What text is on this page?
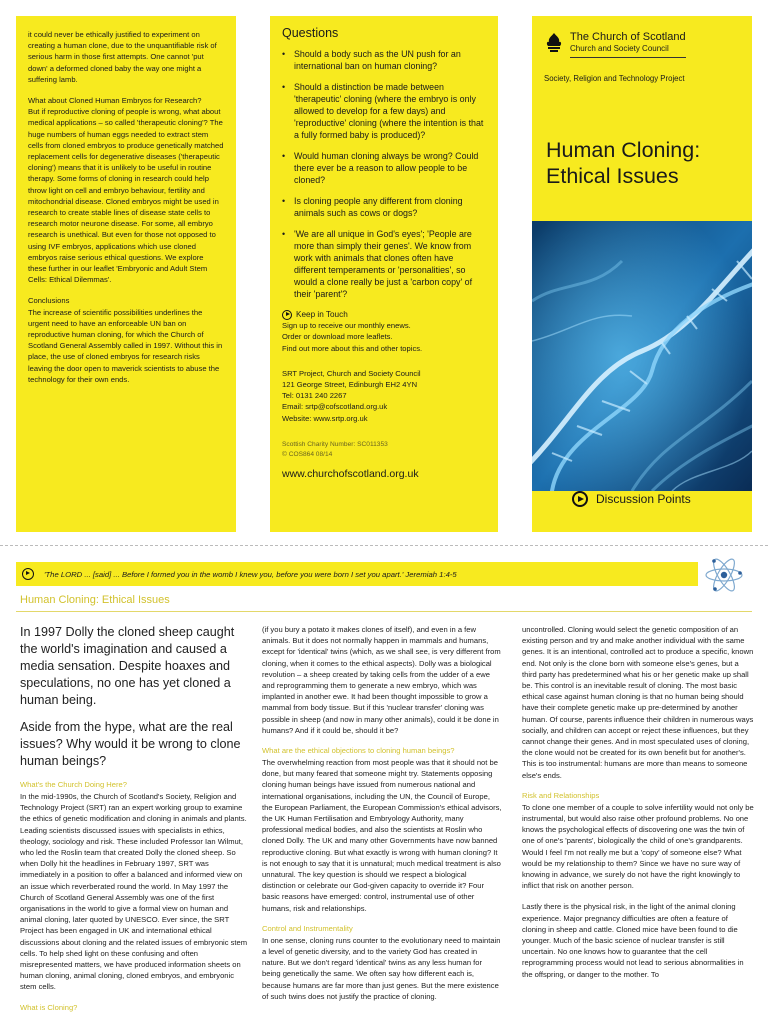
it could never be ethically justified to experiment on creating a human clone, due to the unquantifiable risk of serious harm in those first attempts. One cannot 'put down' a deformed cloned baby the way one might a suffering lamb.

What about Cloned Human Embryos for Research?
But if reproductive cloning of people is wrong, what about medical applications – so called 'therapeutic cloning'? The huge numbers of human eggs needed to extract stem cells from cloned embryos to produce genetically matched replacement cells for degenerative diseases ('therapeutic cloning') means that it is unlikely to be useful in routine therapy. Some forms of cloning in research could help throw light on cell and embryo behaviour, fertility and mitochondrial disease. Cloned embryos might be used in research to create stable lines of disease state cells to research motor neurone disease. For some, all embryo research is unethical. But even for those not opposed to using IVF embryos, applications which use cloned embryos raise serious ethical questions. We explore these further in our leaflet 'Embryonic and Adult Stem Cells: Ethical Dilemmas'.

Conclusions
The increase of scientific possibilities underlines the urgent need to have an enforceable UN ban on reproductive human cloning, for which the Church of Scotland General Assembly called in 1997. Without this in place, the use of cloned embryos for research risks leaving the door open to maverick scientists to abuse the technology for their own ends.

Questions
• Should a body such as the UN push for an international ban on human cloning?
• Should a distinction be made between 'therapeutic' cloning (where the embryo is only allowed to develop for a few days) and 'reproductive' cloning (where the intention is that a fully formed baby is produced)?
• Would human cloning always be wrong? Could there ever be a reason to allow people to be cloned?
• Is cloning people any different from cloning animals such as cows or dogs?
• 'We are all unique in God's eyes'; 'People are more than simply their genes'. We know from work with animals that clones often have different temperaments or 'personalities', so would a clone really be just a 'carbon copy' of their 'parent'?
Keep in Touch
Sign up to receive our monthly enews.
Order or download more leaflets.
Find out more about this and other topics.
SRT Project, Church and Society Council
121 George Street, Edinburgh EH2 4YN
Tel: 0131 240 2267
Email: srtp@cofscotland.org.uk
Website: www.srtp.org.uk
Scottish Charity Number: SC011353
© COS864 08/14
www.churchofscotland.org.uk
The Church of Scotland
Church and Society Council
Society, Religion and Technology Project
Human Cloning:
Ethical Issues
Discussion Points
'The LORD ... [said] ... Before I formed you in the womb I knew you, before you were born I set you apart.' Jeremiah 1:4-5
Human Cloning: Ethical Issues

In 1997 Dolly the cloned sheep caught the world's imagination and caused a media sensation. Despite hoaxes and speculations, no one has yet cloned a human being.

Aside from the hype, what are the real issues? Why would it be wrong to clone human beings?

What's the Church Doing Here?

In the mid-1990s, the Church of Scotland's Society, Religion and Technology Project (SRT) ran an expert working group to examine the ethics of genetic modification and cloning in animals and plants. Leading scientists discussed issues with specialists in ethics, theology, sociology and risk. These included Professor Ian Wilmut, who led the Roslin team that created Dolly the cloned sheep. So when Dolly hit the headlines in February 1997, SRT was immediately in a position to offer a balanced and informed view on an issue which reverberated round the world. In May 1997 the Church of Scotland General Assembly was one of the first organisations in the world to give a formal view on human and animal cloning, later quoted by UNESCO. Ever since, the SRT Project has been engaged in UK and international ethical discussions about cloning and the related issues of embryonic stem cells. To help shed light on these confusing and often misrepresented matters, we have produced information sheets on human cloning, animal cloning, cloned embryos, and embryonic stem cells.

What is Cloning?

(if you bury a potato it makes clones of itself), and even in a few animals. But it does not normally happen in mammals and humans, except for 'identical' twins (which, as we shall see, is very different from cloning, when it comes to the ethical aspects). Dolly was a biological revolution – a sheep created by taking cells from the udder of a ewe and reprogramming them to generate a new embryo, which was implanted in another ewe. It had been thought impossible to grow a mammal from body tissue. But if this 'nuclear transfer' cloning was possible in sheep (and now in many other animals), could it be done in humans? And if it could be, should it be?

What are the ethical objections to cloning human beings?

The overwhelming reaction from most people was that it should not be done, but many feared that someone might try. Statements opposing cloning human beings have issued from numerous national and international organisations, including the UN, the Council of Europe, the European Parliament, the European Commission's ethical advisors, the UK Human Fertilisation and Embryology Authority, many professional medical bodies, and also the scientists at Roslin who cloned Dolly. The UK and many other Governments have now banned reproductive cloning. But what exactly is wrong with human cloning? It is not enough to say that it is unnatural; much medical treatment is also unnatural. The key question is should we respect a biological distinction or celebrate our God-given capacity to override it? Four basic reasons have emerged: control, instrumental use of other humans, risk and relationships.

Control and Instrumentality

In one sense, cloning runs counter to the evolutionary need to maintain a level of genetic diversity, and to the variety God has created in nature. But we don't regard 'identical' twins as any less human for being genetically the same. We often say how different each is, because humans are far more than just genes. But the mere existence of such twins does not justify the practice of cloning.

uncontrolled. Cloning would select the genetic composition of an existing person and try and make another individual with the same genes. It is an intentional, controlled act to produce a specific, known end. Not only is the clone born with someone else's genes, but a third party has predetermined what his or her genetic make up shall be. This control is an inevitable result of cloning. The most basic ethical case against human cloning is that no human being should have their complete genetic make up pre-determined by another human. Of course, parents influence their children in numerous ways socially, and children can accept or reject these influences, but they cannot change their genes. And in most speculated uses of cloning, the clone would not be created for its own benefit but for another's. This is too instrumental: humans are more than means to someone else's ends.

Risk and Relationships

To clone one member of a couple to solve infertility would not only be instrumental, but would also raise other profound problems. No one knows the psychological effects of discovering one was the twin of one of one's 'parents', biologically the child of one's grandparents. Would I feel I'm not really me but a 'copy' of someone else? What would be my relationship to them? Since we have no sure way of knowing in advance, we surely do not have the right knowingly to inflict that risk on another person.

Lastly there is the physical risk, in the light of the animal cloning experience. Major pregnancy difficulties are often a feature of cloning in sheep and cattle. Cloned mice have been found to die younger. Much of the basic science of nuclear transfer is still uncertain. No one knows how to guarantee that the cell reprogramming process would not lead to serious abnormalities in the offspring, or danger to the mother. To
